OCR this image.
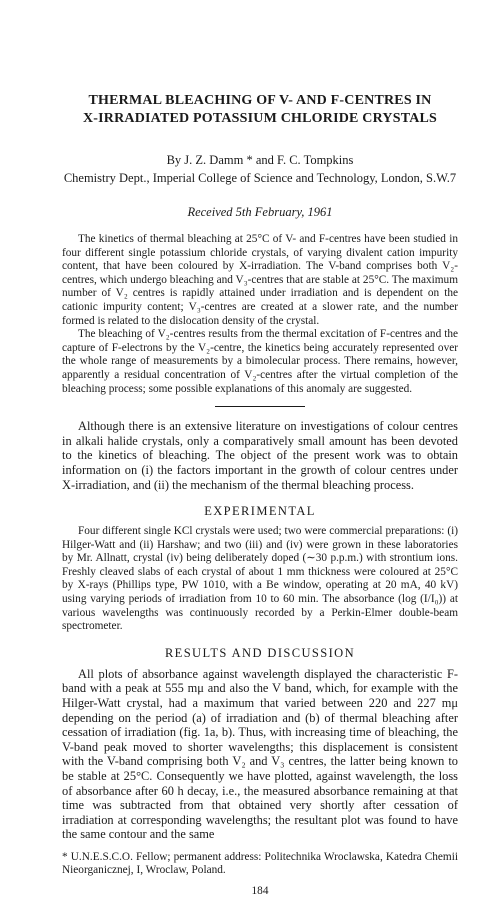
THERMAL BLEACHING OF V- AND F-CENTRES IN
X-IRRADIATED POTASSIUM CHLORIDE CRYSTALS
By J. Z. Damm * and F. C. Tompkins
Chemistry Dept., Imperial College of Science and Technology, London, S.W.7
Received 5th February, 1961

The kinetics of thermal bleaching at 25°C of V- and F-centres have been studied in four different single potassium chloride crystals, of varying divalent cation impurity content, that have been coloured by X-irradiation. The V-band comprises both V₂-centres, which undergo bleaching and V₃-centres that are stable at 25°C. The maximum number of V₂ centres is rapidly attained under irradiation and is dependent on the cationic impurity content; V₃-centres are created at a slower rate, and the number formed is related to the dislocation density of the crystal.

The bleaching of V₂-centres results from the thermal excitation of F-centres and the capture of F-electrons by the V₂-centre, the kinetics being accurately represented over the whole range of measurements by a bimolecular process. There remains, however, apparently a residual concentration of V₂-centres after the virtual completion of the bleaching process; some possible explanations of this anomaly are suggested.

Although there is an extensive literature on investigations of colour centres in alkali halide crystals, only a comparatively small amount has been devoted to the kinetics of bleaching. The object of the present work was to obtain information on (i) the factors important in the growth of colour centres under X-irradiation, and (ii) the mechanism of the thermal bleaching process.

EXPERIMENTAL

Four different single KCl crystals were used; two were commercial preparations: (i) Hilger-Watt and (ii) Harshaw; and two (iii) and (iv) were grown in these laboratories by Mr. Allnatt, crystal (iv) being deliberately doped (∼30 p.p.m.) with strontium ions. Freshly cleaved slabs of each crystal of about 1 mm thickness were coloured at 25°C by X-rays (Phillips type, PW 1010, with a Be window, operating at 20 mA, 40 kV) using varying periods of irradiation from 10 to 60 min. The absorbance (log (I/I₀)) at various wavelengths was continuously recorded by a Perkin-Elmer double-beam spectrometer.

RESULTS AND DISCUSSION

All plots of absorbance against wavelength displayed the characteristic F-band with a peak at 555 mμ and also the V band, which, for example with the Hilger-Watt crystal, had a maximum that varied between 220 and 227 mμ depending on the period (a) of irradiation and (b) of thermal bleaching after cessation of irradiation (fig. 1a, b). Thus, with increasing time of bleaching, the V-band peak moved to shorter wavelengths; this displacement is consistent with the V-band comprising both V₂ and V₃ centres, the latter being known to be stable at 25°C. Consequently we have plotted, against wavelength, the loss of absorbance after 60 h decay, i.e., the measured absorbance remaining at that time was subtracted from that obtained very shortly after cessation of irradiation at corresponding wavelengths; the resultant plot was found to have the same contour and the same

* U.N.E.S.C.O. Fellow; permanent address: Politechnika Wroclawska, Katedra Chemii Nieorganicznej, I, Wroclaw, Poland.
184
